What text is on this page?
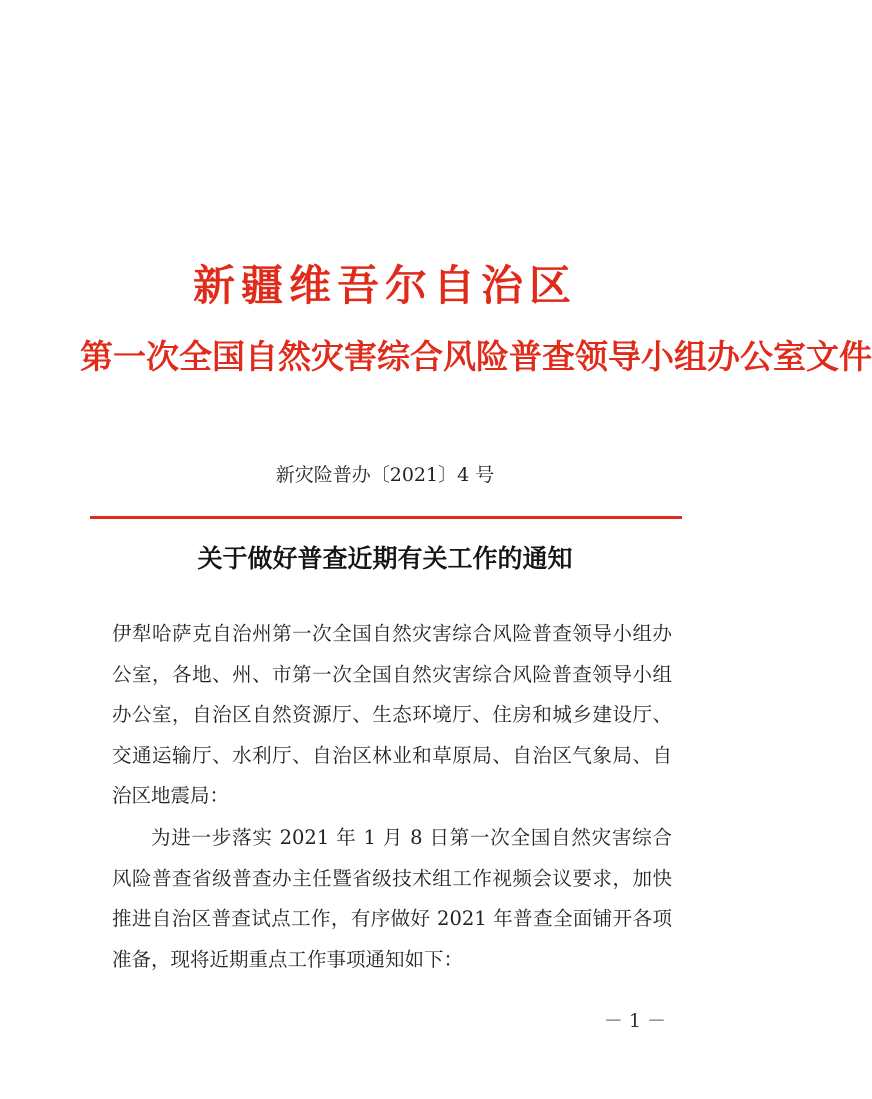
新疆维吾尔自治区
第一次全国自然灾害综合风险普查领导小组办公室文件
新灾险普办〔2021〕4 号
关于做好普查近期有关工作的通知
伊犁哈萨克自治州第一次全国自然灾害综合风险普查领导小组办公室，各地、州、市第一次全国自然灾害综合风险普查领导小组办公室，自治区自然资源厅、生态环境厅、住房和城乡建设厅、交通运输厅、水利厅、自治区林业和草原局、自治区气象局、自治区地震局：
为进一步落实 2021 年 1 月 8 日第一次全国自然灾害综合风险普查省级普查办主任暨省级技术组工作视频会议要求，加快推进自治区普查试点工作，有序做好 2021 年普查全面铺开各项准备，现将近期重点工作事项通知如下：
－ 1 －
